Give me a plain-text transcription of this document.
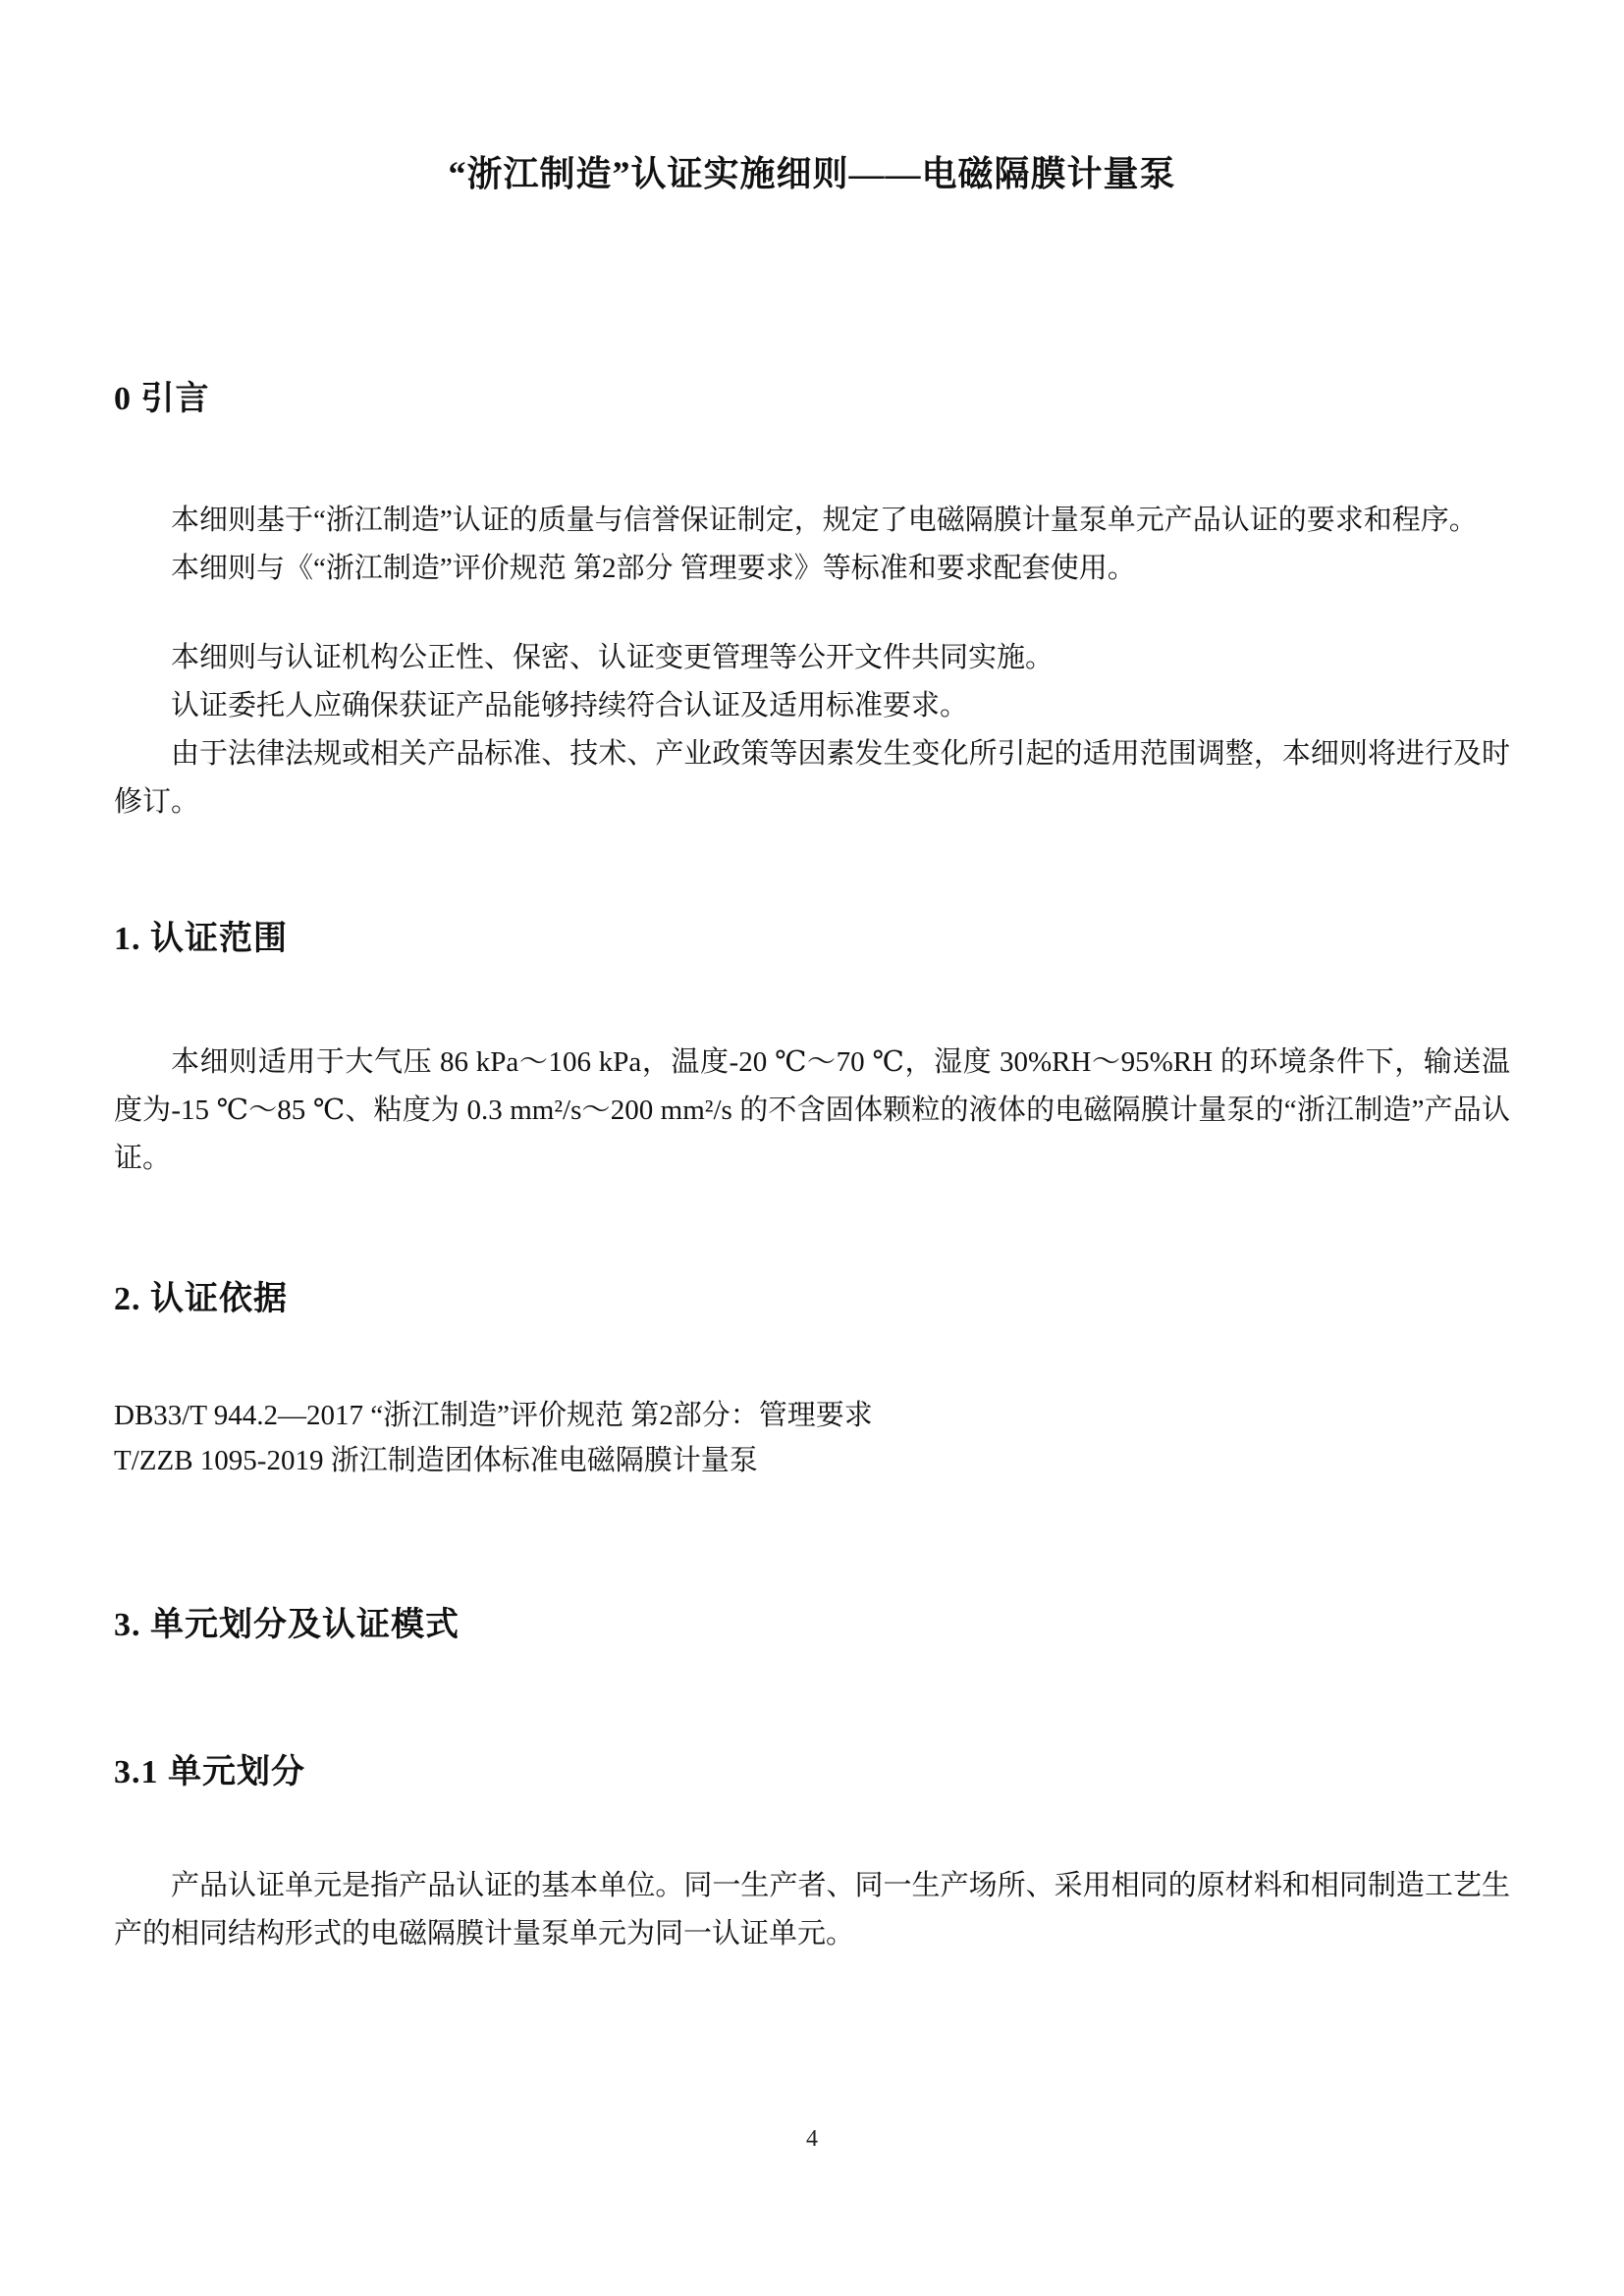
“浙江制造”认证实施细则——电磁隔膜计量泵
0 引言

本细则基于“浙江制造”认证的质量与信誉保证制定，规定了电磁隔膜计量泵单元产品认证的要求和程序。

本细则与《“浙江制造”评价规范 第2部分 管理要求》等标准和要求配套使用。

本细则与认证机构公正性、保密、认证变更管理等公开文件共同实施。

认证委托人应确保获证产品能够持续符合认证及适用标准要求。

由于法律法规或相关产品标准、技术、产业政策等因素发生变化所引起的适用范围调整，本细则将进行及时修订。

1. 认证范围

本细则适用于大气压 86 kPa～106 kPa，温度-20 ℃～70 ℃，湿度 30%RH～95%RH 的环境条件下，输送温度为-15 ℃～85 ℃、粘度为 0.3 mm²/s～200 mm²/s 的不含固体颗粒的液体的电磁隔膜计量泵的“浙江制造”产品认证。

2. 认证依据

DB33/T 944.2—2017 “浙江制造”评价规范 第2部分：管理要求

T/ZZB 1095-2019 浙江制造团体标准电磁隔膜计量泵

3. 单元划分及认证模式
3.1 单元划分

产品认证单元是指产品认证的基本单位。同一生产者、同一生产场所、采用相同的原材料和相同制造工艺生产的相同结构形式的电磁隔膜计量泵单元为同一认证单元。

4
